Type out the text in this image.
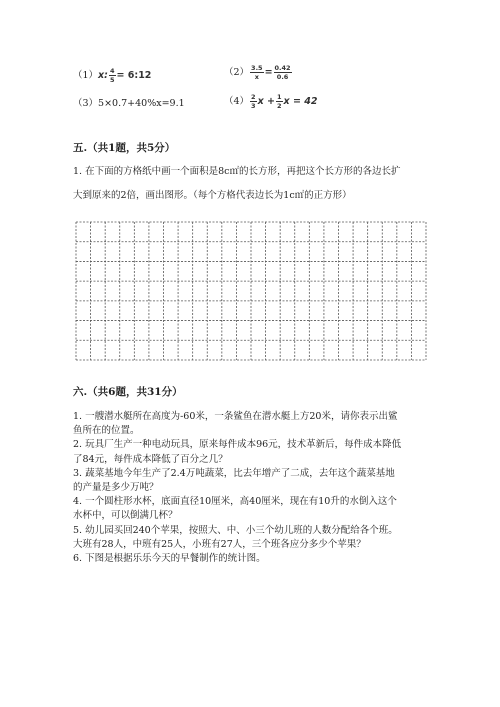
（1）x: $\frac{4}{5}$ = 6:12	$(2) \frac{3.5}{x} = \frac{0.42}{0.6}$
（3）5×0.7+40%x=9.1	$(4) \frac{2}{3}$ $x + \frac{1}{2}$ x = 42
五.（共1题，共5分）
1. 在下面的方格纸中画一个面积是8c㎡的长方形，再把这个长方形的各边长扩
大到原来的2倍，画出图形。（每个方格代表边长为1c㎡的正方形）
六.（共6题，共31分）
1. 一艘潜水艇所在高度为-60米，一条鲨鱼在潜水艇上方20米，请你表示出鲨
鱼所在的位置。
2. 玩具厂生产一种电动玩具，原来每件成本96元，技术革新后，每件成本降低
了84元，每件成本降低了百分之几？
3. 蔬菜基地今年生产了2.4万吨蔬菜，比去年增产了二成，去年这个蔬菜基地
的产量是多少万吨？
4. 一个圆柱形水杯，底面直径10厘米，高40厘米，现在有10升的水倒入这个
水杯中，可以倒满几杯？
5. 幼儿园买回240个苹果，按照大、中、小三个幼儿班的人数分配给各个班。
大班有28人，中班有25人，小班有27人，三个班各应分多少个苹果？
6. 下图是根据乐乐今天的早餐制作的统计图。
